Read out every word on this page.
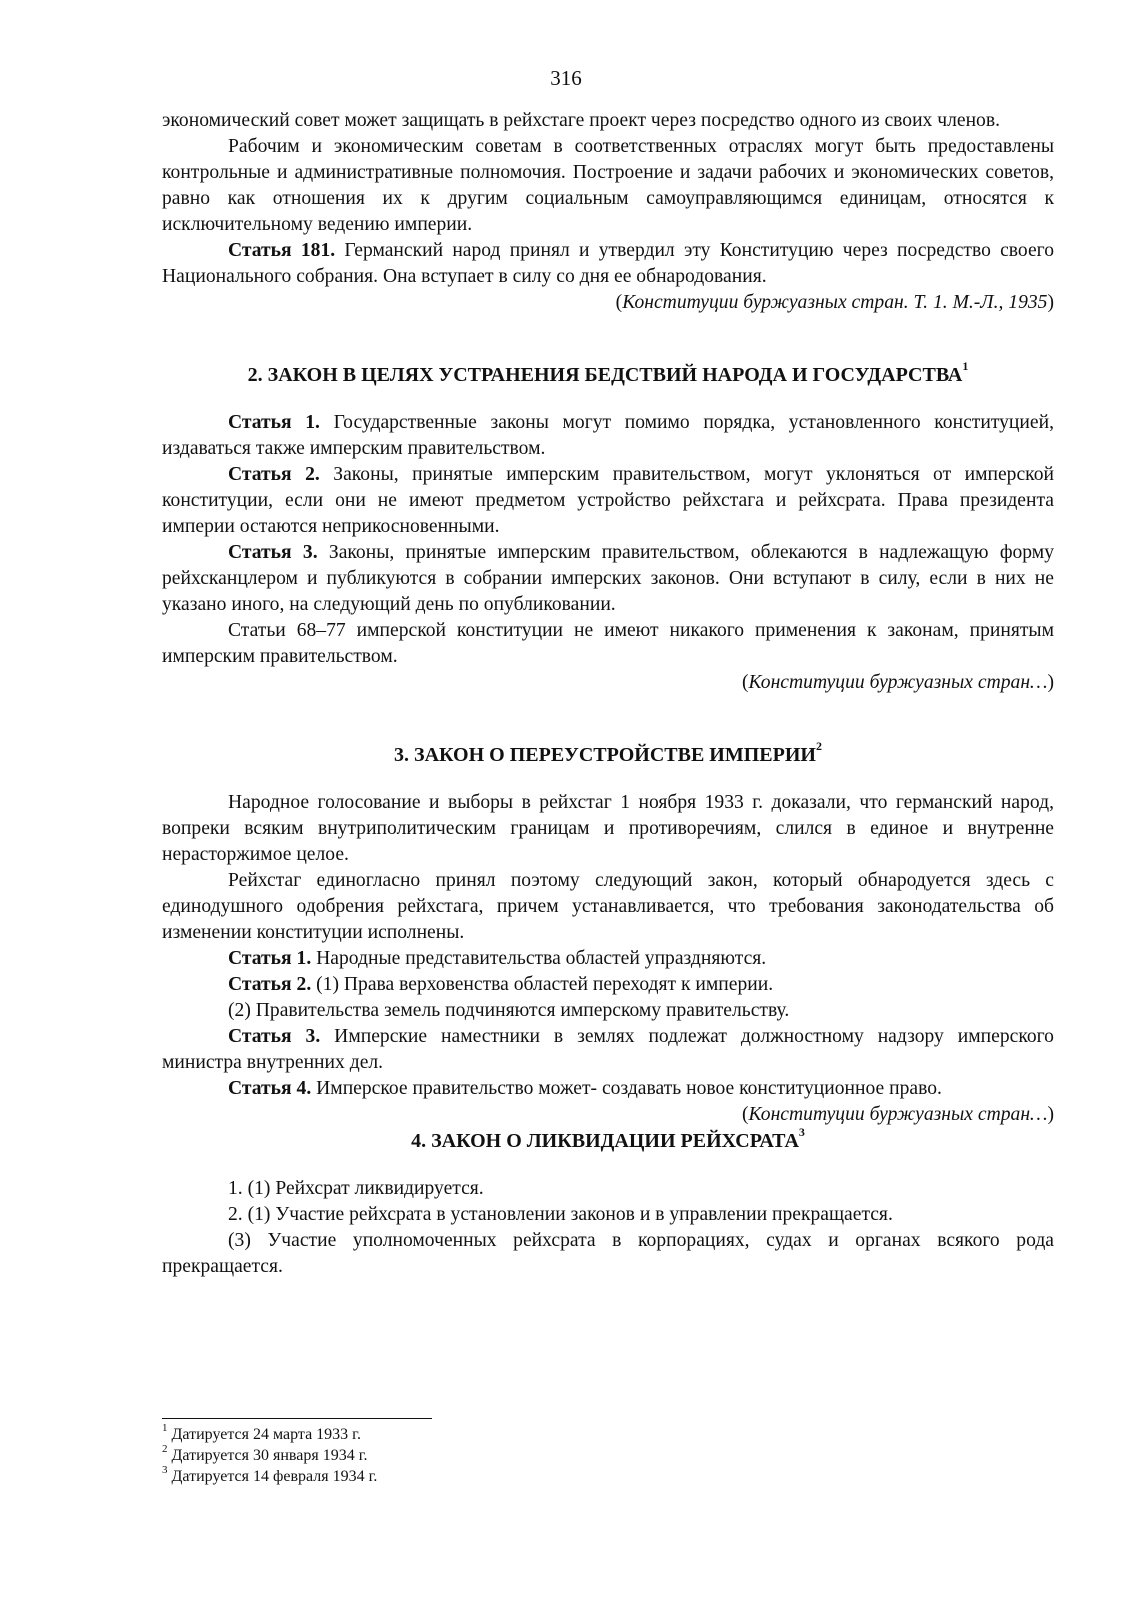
316

экономический совет может защищать в рейхстаге проект через посредство одного из своих членов.

Рабочим и экономическим советам в соответственных отраслях могут быть предоставлены контрольные и административные полномочия. Построение и задачи рабочих и экономических советов, равно как отношения их к другим социальным самоуправляющимся единицам, относятся к исключительному ведению империи.

Статья 181. Германский народ принял и утвердил эту Конституцию через посредство своего Национального собрания. Она вступает в силу со дня ее обнародования.

(Конституции буржуазных стран. Т. 1. М.-Л., 1935)

2. ЗАКОН В ЦЕЛЯХ УСТРАНЕНИЯ БЕДСТВИЙ НАРОДА И ГОСУДАРСТВА$^1$

Статья 1. Государственные законы могут помимо порядка, установленного конституцией, издаваться также имперским правительством.

Статья 2. Законы, принятые имперским правительством, могут уклоняться от имперской конституции, если они не имеют предметом устройство рейхстага и рейхсрата. Права президента империи остаются неприкосновенными.

Статья 3. Законы, принятые имперским правительством, облекаются в надлежащую форму рейхсканцлером и публикуются в собрании имперских законов. Они вступают в силу, если в них не указано иного, на следующий день по опубликовании.

Статьи 68–77 имперской конституции не имеют никакого применения к законам, принятым имперским правительством.

(Конституции буржуазных стран…)

3. ЗАКОН О ПЕРЕУСТРОЙСТВЕ ИМПЕРИИ$^2$

Народное голосование и выборы в рейхстаг 1 ноября 1933 г. доказали, что германский народ, вопреки всяким внутриполитическим границам и противоречиям, слился в единое и внутренне нерасторжимое целое.

Рейхстаг единогласно принял поэтому следующий закон, который обнародуется здесь с единодушного одобрения рейхстага, причем устанавливается, что требования законодательства об изменении конституции исполнены.

Статья 1. Народные представительства областей упраздняются.

Статья 2. (1) Права верховенства областей переходят к империи.

(2) Правительства земель подчиняются имперскому правительству.

Статья 3. Имперские наместники в землях подлежат должностному надзору имперского министра внутренних дел.

Статья 4. Имперское правительство может- создавать новое конституционное право.

(Конституции буржуазных стран…)

4. ЗАКОН О ЛИКВИДАЦИИ РЕЙХСРАТА$^3$

1. (1) Рейхсрат ликвидируется.

2. (1) Участие рейхсрата в установлении законов и в управлении прекращается.

(3) Участие уполномоченных рейхсрата в корпорациях, судах и органах всякого рода прекращается.

$^1$ Датируется 24 марта 1933 г.
$^2$ Датируется 30 января 1934 г.
$^3$ Датируется 14 февраля 1934 г.
